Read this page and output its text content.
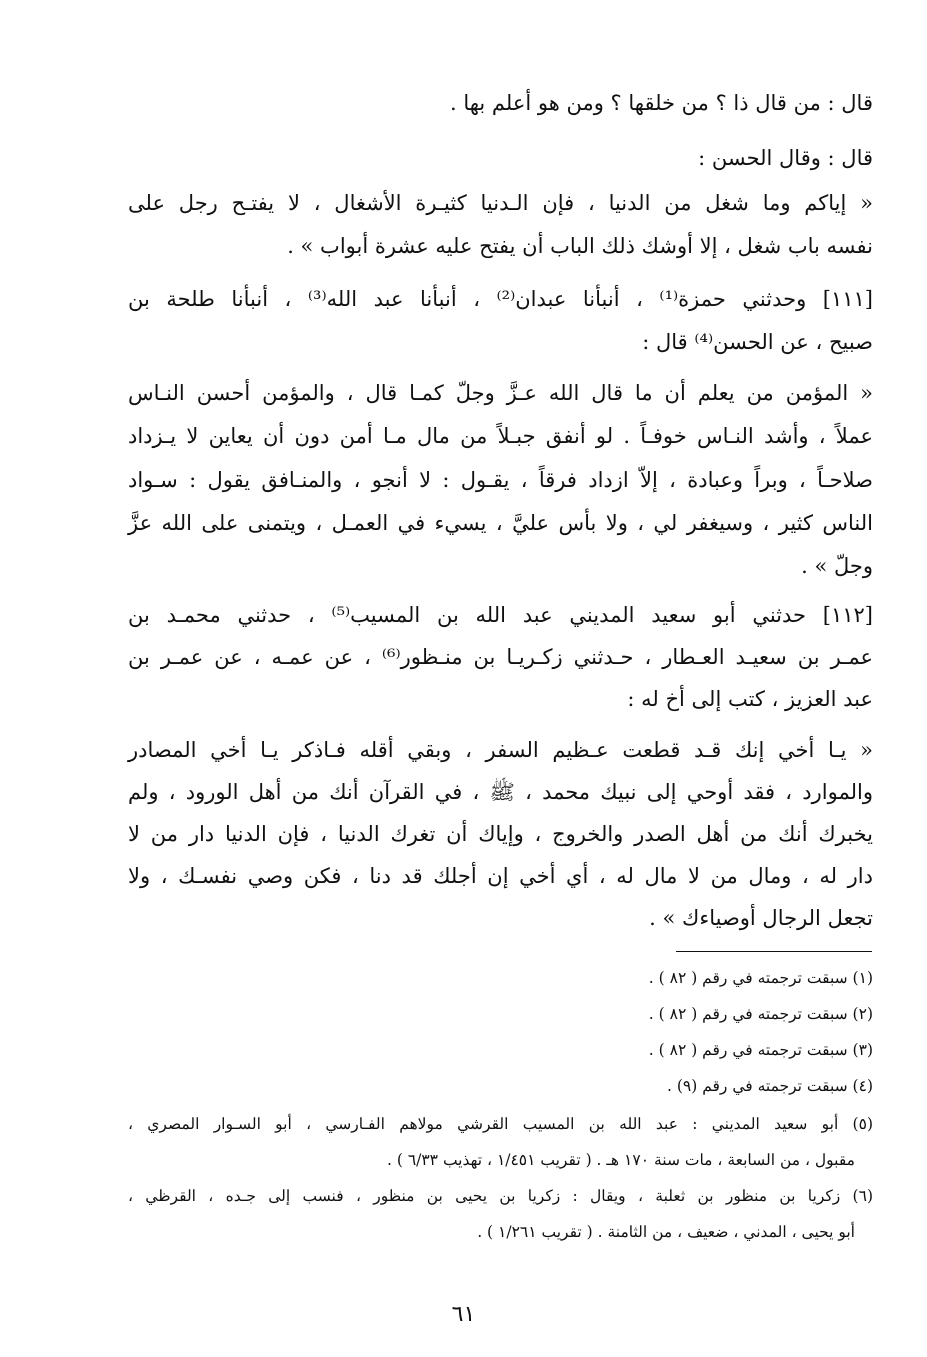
قال : من قال ذا ؟ من خلقها ؟ ومن هو أعلم بها .
قال : وقال الحسن :
« إياكم وما شغل من الدنيا ، فإن الـدنيا كثيـرة الأشغال ، لا يفتـح رجل على
نفسه باب شغل ، إلا أوشك ذلك الباب أن يفتح عليه عشرة أبواب » .
[١١١] وحدثني حمزة⁽¹⁾ ، أنبأنا عبدان⁽²⁾ ، أنبأنا عبد الله⁽³⁾ ، أنبأنا طلحة بن
صبيح ، عن الحسن⁽⁴⁾ قال :
« المؤمن من يعلم أن ما قال الله عـزَّ وجلّ كمـا قال ، والمؤمن أحسن النـاس
عملاً ، وأشد النـاس خوفـاً . لو أنفق جبـلاً من مال مـا أمن دون أن يعاين لا يـزداد
صلاحـاً ، وبراً وعبادة ، إلاّ ازداد فرقاً ، يقـول : لا أنجو ، والمنـافق يقول : سـواد
الناس كثير ، وسيغفر لي ، ولا بأس عليَّ ، يسيء في العمـل ، ويتمنى على الله عزَّ
وجلّ » .
[١١٢] حدثني أبو سعيد المديني عبد الله بن المسيب⁽⁵⁾ ، حدثني محمـد بن
عمـر بن سعيـد العـطار ، حـدثني زكـريـا بن منـظور⁽⁶⁾ ، عن عمـه ، عن عمـر بن
عبد العزيز ، كتب إلى أخ له :
« يـا أخي إنك قـد قطعت عـظيم السفر ، وبقي أقله فـاذكر يـا أخي المصادر
والموارد ، فقد أوحي إلى نبيك محمد ، ﷺ ، في القرآن أنك من أهل الورود ، ولم
يخبرك أنك من أهل الصدر والخروج ، وإياك أن تغرك الدنيا ، فإن الدنيا دار من لا
دار له ، ومال من لا مال له ، أي أخي إن أجلك قد دنا ، فكن وصي نفسـك ، ولا
تجعل الرجال أوصياءك » .
(١) سبقت ترجمته في رقم ( ٨٢ ) .
(٢) سبقت ترجمته في رقم ( ٨٢ ) .
(٣) سبقت ترجمته في رقم ( ٨٢ ) .
(٤) سبقت ترجمته في رقم (٩) .
(٥) أبو سعيد المديني : عبد الله بن المسيب القرشي مولاهم الفـارسي ، أبو السـوار المصري ،
مقبول ، من السابعة ، مات سنة ١٧٠ هـ . ( تقريب ١/٤٥١ ، تهذيب ٦/٣٣ ) .
(٦) زكريا بن منظور بن ثعلبة ، ويقال : زكريا بن يحيى بن منظور ، فنسب إلى جـده ، القرظي ،
أبو يحيى ، المدني ، ضعيف ، من الثامنة . ( تقريب ١/٢٦١ ) .
٦١
